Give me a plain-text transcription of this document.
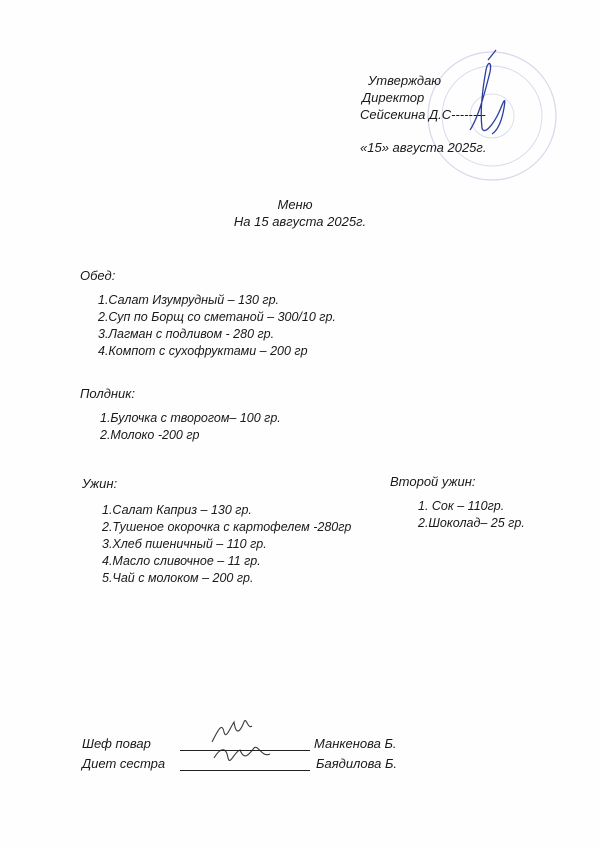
Утверждаю
Директор
Сейсекина Д.С--------
«15» августа 2025г.
Меню
На 15 августа 2025г.
Обед:
1.Салат Изумрудный – 130 гр.
2.Суп по Борщ со сметаной – 300/10 гр.
3.Лагман с подливом - 280 гр.
4.Компот с сухофруктами – 200 гр
Полдник:
1.Булочка с творогом– 100 гр.
2.Молоко -200 гр
Ужин:
1.Салат Каприз – 130 гр.
2.Тушеное окорочка с картофелем -280гр
3.Хлеб пшеничный – 110 гр.
4.Масло сливочное – 11 гр.
5.Чай с молоком – 200 гр.
Второй ужин:
1. Сок – 110гр.
2.Шоколад– 25 гр.
Шеф повар	Манкенова Б.
Диет сестра	Баядилова Б.
